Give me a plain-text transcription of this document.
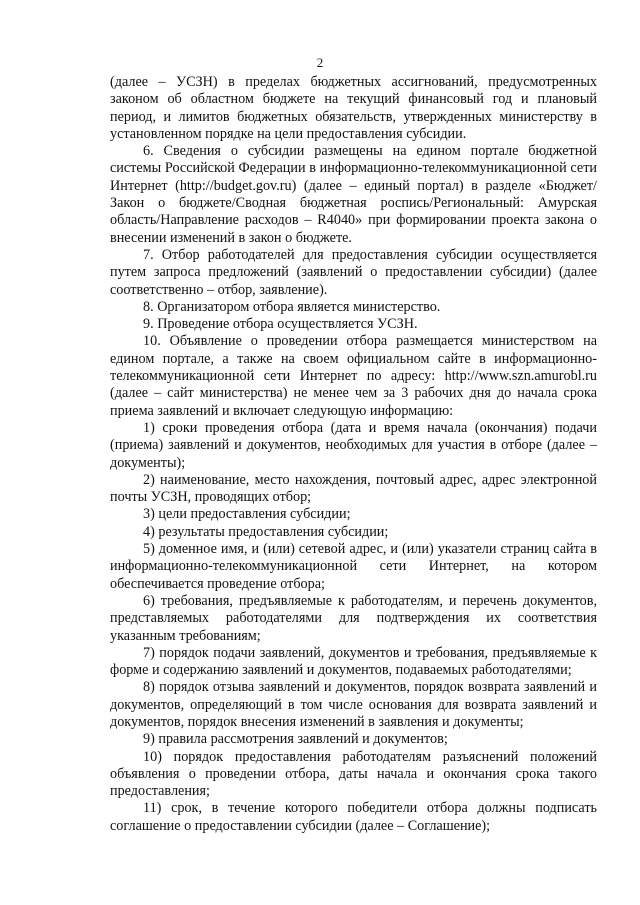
2

(далее – УСЗН) в пределах бюджетных ассигнований, предусмотренных законом об областном бюджете на текущий финансовый год и плановый период, и лимитов бюджетных обязательств, утвержденных министерству в установленном порядке на цели предоставления субсидии.

6. Сведения о субсидии размещены на едином портале бюджетной системы Российской Федерации в информационно-телекоммуникационной сети Интернет (http://budget.gov.ru) (далее – единый портал) в разделе «Бюджет/Закон о бюджете/Сводная бюджетная роспись/Региональный: Амурская область/Направление расходов – R4040» при формировании проекта закона о внесении изменений в закон о бюджете.

7. Отбор работодателей для предоставления субсидии осуществляется путем запроса предложений (заявлений о предоставлении субсидии) (далее соответственно – отбор, заявление).

8. Организатором отбора является министерство.

9. Проведение отбора осуществляется УСЗН.

10. Объявление о проведении отбора размещается министерством на едином портале, а также на своем официальном сайте в информационно-телекоммуникационной сети Интернет по адресу: http://www.szn.amurobl.ru (далее – сайт министерства) не менее чем за 3 рабочих дня до начала срока приема заявлений и включает следующую информацию:

1) сроки проведения отбора (дата и время начала (окончания) подачи (приема) заявлений и документов, необходимых для участия в отборе (далее – документы);

2) наименование, место нахождения, почтовый адрес, адрес электронной почты УСЗН, проводящих отбор;

3) цели предоставления субсидии;

4) результаты предоставления субсидии;

5) доменное имя, и (или) сетевой адрес, и (или) указатели страниц сайта в информационно-телекоммуникационной сети Интернет, на котором обеспечивается проведение отбора;

6) требования, предъявляемые к работодателям, и перечень документов, представляемых работодателями для подтверждения их соответствия указанным требованиям;

7) порядок подачи заявлений, документов и требования, предъявляемые к форме и содержанию заявлений и документов, подаваемых работодателями;

8) порядок отзыва заявлений и документов, порядок возврата заявлений и документов, определяющий в том числе основания для возврата заявлений и документов, порядок внесения изменений в заявления и документы;

9) правила рассмотрения заявлений и документов;

10) порядок предоставления работодателям разъяснений положений объявления о проведении отбора, даты начала и окончания срока такого предоставления;

11) срок, в течение которого победители отбора должны подписать соглашение о предоставлении субсидии (далее – Соглашение);
